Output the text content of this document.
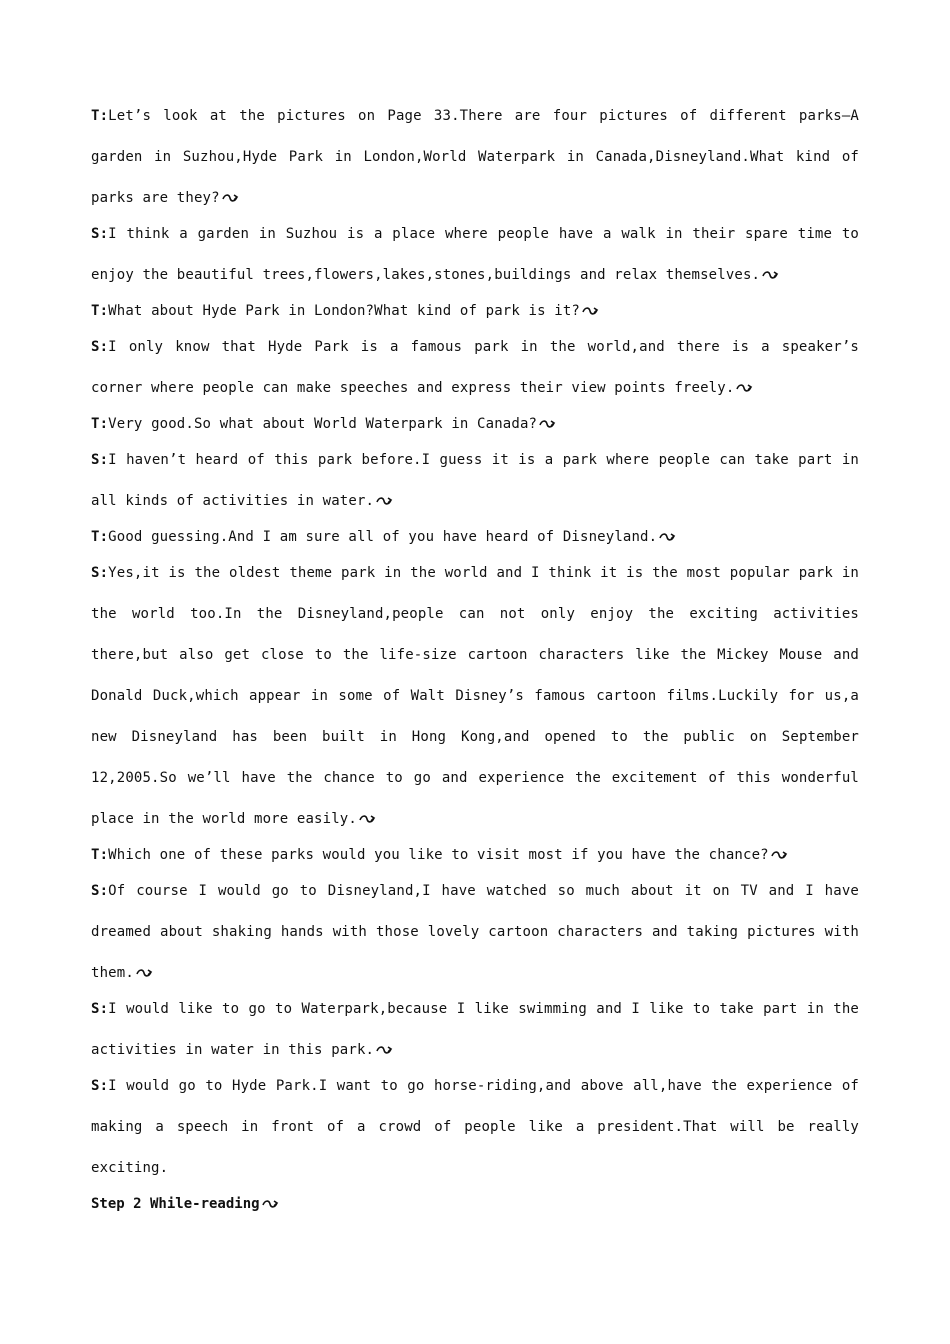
T:Let’s look at the pictures on Page 33.There are four pictures of different parks—A garden in Suzhou,Hyde Park in London,World Waterpark in Canada,Disneyland.What kind of parks are they?

S:I think a garden in Suzhou is a place where people have a walk in their spare time to enjoy the beautiful trees,flowers,lakes,stones,buildings and relax themselves.

T:What about Hyde Park in London?What kind of park is it?

S:I only know that Hyde Park is a famous park in the world,and there is a speaker’s corner where people can make speeches and express their view points freely.

T:Very good.So what about World Waterpark in Canada?

S:I haven’t heard of this park before.I guess it is a park where people can take part in all kinds of activities in water.

T:Good guessing.And I am sure all of you have heard of Disneyland.

S:Yes,it is the oldest theme park in the world and I think it is the most popular park in the world too.In the Disneyland,people can not only enjoy the exciting activities there,but also get close to the life-size cartoon characters like the Mickey Mouse and Donald Duck,which appear in some of Walt Disney’s famous cartoon films.Luckily for us,a new Disneyland has been built in Hong Kong,and opened to the public on September 12,2005.So we’ll have the chance to go and experience the excitement of this wonderful place in the world more easily.

T:Which one of these parks would you like to visit most if you have the chance?

S:Of course I would go to Disneyland,I have watched so much about it on TV and I have dreamed about shaking hands with those lovely cartoon characters and taking pictures with them.

S:I would like to go to Waterpark,because I like swimming and I like to take part in the activities in water in this park.

S:I would go to Hyde Park.I want to go horse-riding,and above all,have the experience of making a speech in front of a crowd of people like a president.That will be really exciting.

Step 2 While-reading
